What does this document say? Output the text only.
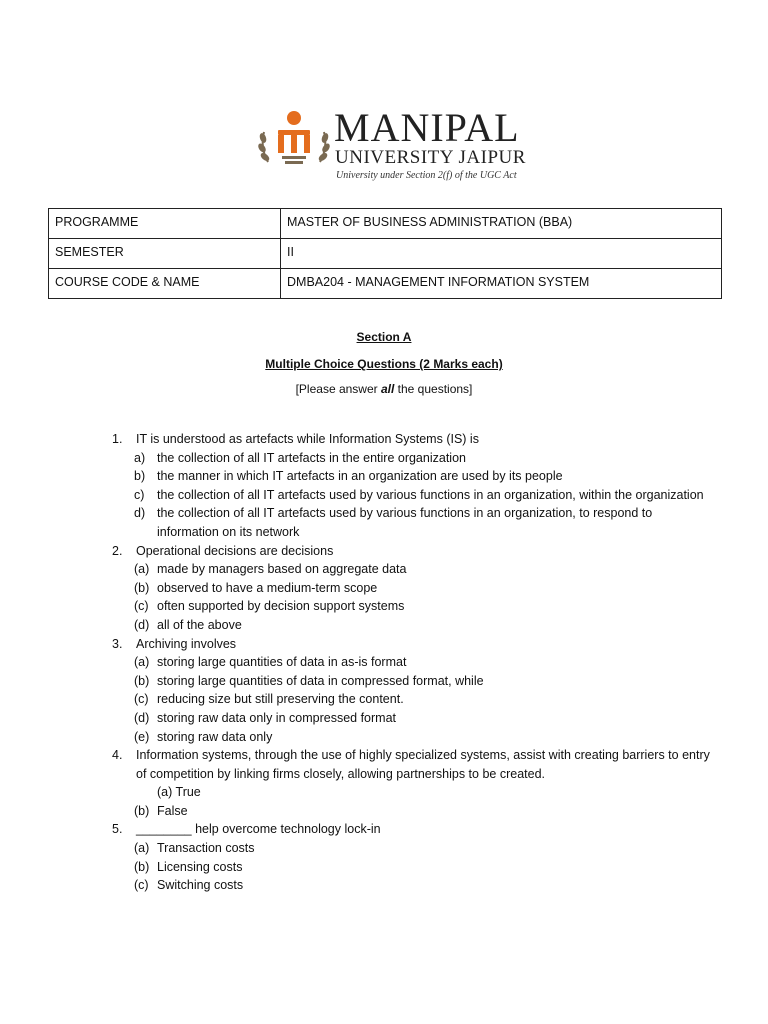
MANIPAL
UNIVERSITY JAIPUR
University under Section 2(f) of the UGC Act
PROGRAMME	MASTER OF BUSINESS ADMINISTRATION (BBA)
SEMESTER	II
COURSE CODE & NAME	DMBA204 - MANAGEMENT INFORMATION SYSTEM
Section A
Multiple Choice Questions (2 Marks each)
[Please answer all the questions]
1. IT is understood as artefacts while Information Systems (IS) is
a) the collection of all IT artefacts in the entire organization
b) the manner in which IT artefacts in an organization are used by its people
c) the collection of all IT artefacts used by various functions in an organization, within the organization
d) the collection of all IT artefacts used by various functions in an organization, to respond to information on its network
2. Operational decisions are decisions
(a) made by managers based on aggregate data
(b) observed to have a medium-term scope
(c) often supported by decision support systems
(d) all of the above
3. Archiving involves
(a) storing large quantities of data in as-is format
(b) storing large quantities of data in compressed format, while
(c) reducing size but still preserving the content.
(d) storing raw data only in compressed format
(e) storing raw data only
4. Information systems, through the use of highly specialized systems, assist with creating barriers to entry of competition by linking firms closely, allowing partnerships to be created.
(a) True
(b) False
5. ________ help overcome technology lock-in
(a) Transaction costs
(b) Licensing costs
(c) Switching costs
